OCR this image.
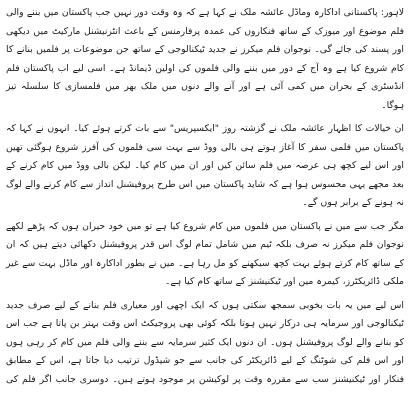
لاہور: پاکستانی اداکارہ وماڈل عائشہ ملک نے کہا ہے کہ وہ وقت دور نہیں جب پاکستان میں بننے والی فلم موضوع اور میوزک کے ساتھ فنکاروں کی عمدہ پرفارمنس کے باعث انٹرنیشنل مارکیٹ میں دیکھی اور پسند کی جائے گی۔ نوجوان فلم میکرز نے جدید ٹیکنالوجی کے ساتھ جن موضوعات پر فلمیں بنانے کا کام شروع کیا ہے وہ آج کے دور میں بننے والی فلموں کی اولین ڈیمانڈ ہے۔ اسی لیے اب پاکستان فلم انڈسٹری کے بحران میں کمی آئی ہے اور آنے والے دنوں میں ملک بھر میں فلمسازی کا سلسلہ تیز ہوگا۔

ان خیالات کا اظہار عائشہ ملک نے گزشتہ روز "ایکسپریس" سے بات کرتے ہوئے کیا۔ انہوں نے کہا کہ پاکستان میں فلمی سفر کا آغاز ہوتے ہی بالی ووڈ سے بہت سی فلموں کی آفرز شروع ہوگئی تھیں اور اس لیے کچھ ہی عرصہ میں فلم سائن کیں اور ان میں کام کیا۔ لیکن بالی ووڈ میں کام کرنے کے بعد مجھے یہی محسوس ہوا ہے کہ شاید پاکستان میں اس طرح پروفیشنل انداز سے کام کرنے والے لوگ نہ ہونے کے برابر ہوں گے۔

مگر جب سے میں نے پاکستان میں فلموں میں کام شروع کیا ہے تو میں خود حیران ہوں کہ پڑھے لکھے نوجوان فلم میکرز نہ صرف بلکہ ٹیم میں شامل تمام لوگ اس قدر پروفیشنل دکھائی دیتے ہیں کہ ان کے ساتھ کام کرتے ہوئے بہت کچھ سیکھنے کو مل رہا ہے۔ میں نے بطور اداکارہ اور ماڈل بہت سے غیر ملکی ڈائریکٹرز، کیمرہ مین اور ٹیکنیشنز کے ساتھ کام کیا ہے۔

اس لیے میں یہ بات بخوبی سمجھ سکتی ہوں کہ ایک اچھی اور معیاری فلم بنانے کے لیے صرف جدید ٹیکنالوجی اور سرمایہ ہی درکار نہیں ہوتا بلکہ کوئی بھی پروجیکٹ اس وقت بہتر بن پاتا ہے جب اس کو بنانے والے لوگ پروفیشنل ہوں۔ ان دنوں ایک کثیر سرمایہ سے بننے والی فلم میں کام کر رہی ہوں اور اس فلم کی شوٹنگ کے لیے ڈائریکٹر کی جانب سے جو شیڈول ترتیب دیا جاتا ہے، اس کے مطابق فنکار اور ٹیکنیشنز سب سے مقررہ وقت پر لوکیشن پر موجود ہوتے ہیں۔ دوسری جانب اگر فلم کی
